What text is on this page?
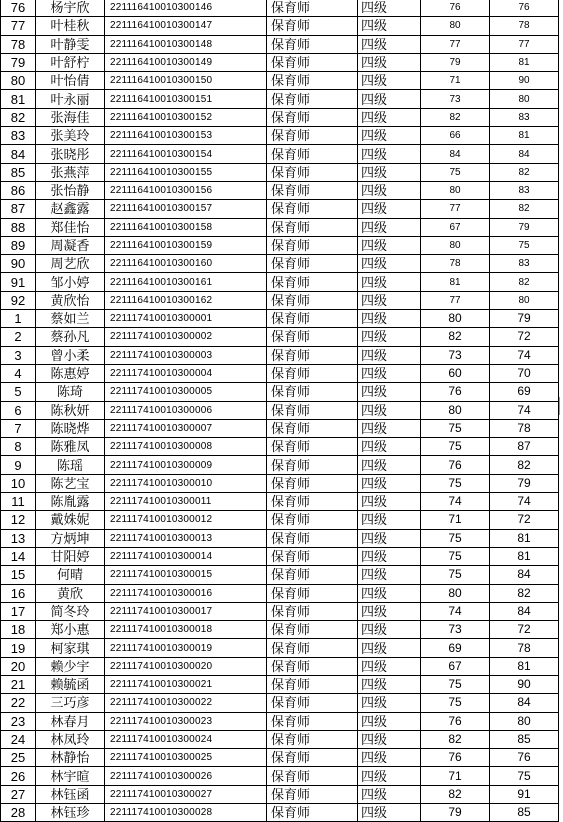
76	杨宇欣	221116410010300146	保育师	四级	76	76
77	叶桂秋	221116410010300147	保育师	四级	80	78
78	叶静雯	221116410010300148	保育师	四级	77	77
79	叶舒柠	221116410010300149	保育师	四级	79	81
80	叶怡倩	221116410010300150	保育师	四级	71	90
81	叶永丽	221116410010300151	保育师	四级	73	80
82	张海佳	221116410010300152	保育师	四级	82	83
83	张美玲	221116410010300153	保育师	四级	66	81
84	张晓彤	221116410010300154	保育师	四级	84	84
85	张燕萍	221116410010300155	保育师	四级	75	82
86	张怡静	221116410010300156	保育师	四级	80	83
87	赵鑫露	221116410010300157	保育师	四级	77	82
88	郑佳怡	221116410010300158	保育师	四级	67	79
89	周凝香	221116410010300159	保育师	四级	80	75
90	周艺欣	221116410010300160	保育师	四级	78	83
91	邹小婷	221116410010300161	保育师	四级	81	82
92	黄欣怡	221116410010300162	保育师	四级	77	80
1	蔡如兰	221117410010300001	保育师	四级	80	79
2	蔡孙凡	221117410010300002	保育师	四级	82	72
3	曾小柔	221117410010300003	保育师	四级	73	74
4	陈惠婷	221117410010300004	保育师	四级	60	70
5	陈琦	221117410010300005	保育师	四级	76	69
6	陈秋妍	221117410010300006	保育师	四级	80	74
7	陈晓烨	221117410010300007	保育师	四级	75	78
8	陈雅凤	221117410010300008	保育师	四级	75	87
9	陈瑶	221117410010300009	保育师	四级	76	82
10	陈艺宝	221117410010300010	保育师	四级	75	79
11	陈胤露	221117410010300011	保育师	四级	74	74
12	戴姝妮	221117410010300012	保育师	四级	71	72
13	方炳坤	221117410010300013	保育师	四级	75	81
14	甘阳婷	221117410010300014	保育师	四级	75	81
15	何晴	221117410010300015	保育师	四级	75	84
16	黄欣	221117410010300016	保育师	四级	80	82
17	简冬玲	221117410010300017	保育师	四级	74	84
18	郑小惠	221117410010300018	保育师	四级	73	72
19	柯家琪	221117410010300019	保育师	四级	69	78
20	赖少宇	221117410010300020	保育师	四级	67	81
21	赖毓函	221117410010300021	保育师	四级	75	90
22	三巧彦	221117410010300022	保育师	四级	75	84
23	林春月	221117410010300023	保育师	四级	76	80
24	林凤玲	221117410010300024	保育师	四级	82	85
25	林静怡	221117410010300025	保育师	四级	76	76
26	林宇暄	221117410010300026	保育师	四级	71	75
27	林钰函	221117410010300027	保育师	四级	82	91
28	林钰珍	221117410010300028	保育师	四级	79	85
